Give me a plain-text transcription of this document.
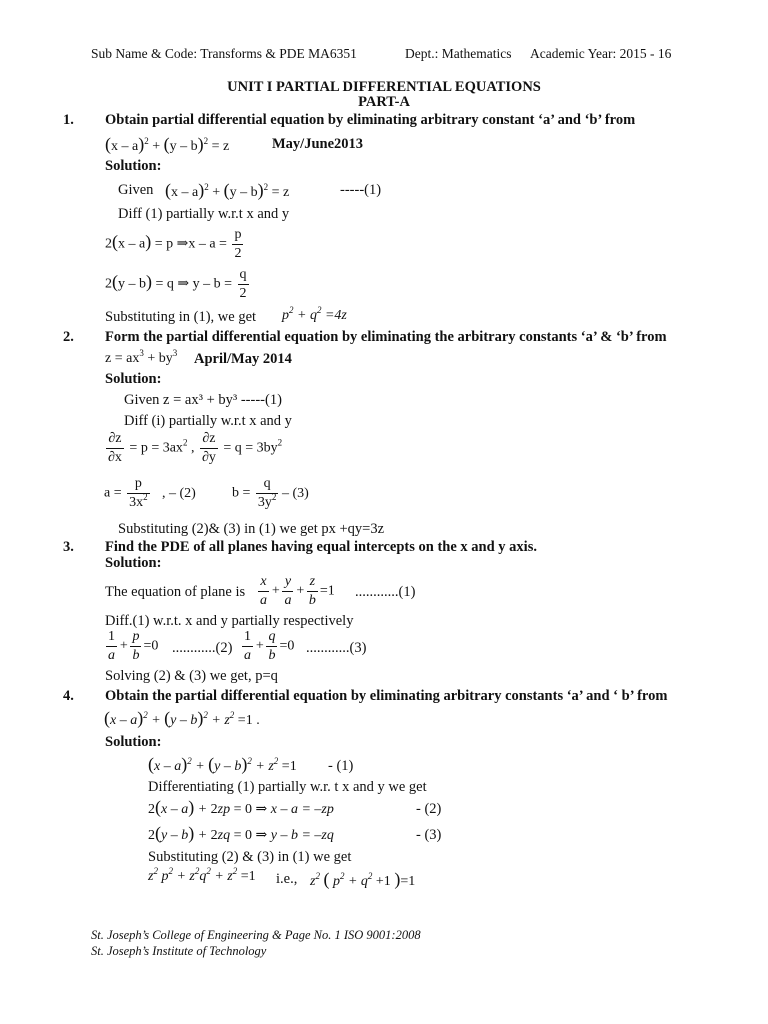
Sub Name & Code: Transforms & PDE MA6351	Dept.: Mathematics Academic Year: 2015 - 16
UNIT I PARTIAL DIFFERENTIAL EQUATIONS
PART-A
1. Obtain partial differential equation by eliminating arbitrary constant ‘a’ and ‘b’ from
(x – a)$^2$ + (y – b)$^2$ = z	May/June2013
Solution:
Given (x – a)$^2$ + (y – b)$^2$ = z	-----(1)
Diff (1) partially w.r.t x and y
2(x – a) = p ⇒x – $a = \frac{p}{2}$
2(y – b) = q ⇒ $y - b = \frac{q}{2}$
Substituting in (1), we get $p^2 + q^2 =4z$
2. Form the partial differential equation by eliminating the arbitrary constants ‘a’ & ‘b’ from
$z = ax^3 + by^3$ April/May 2014
Solution:
Given z = ax³ + by³ -----(1)
Diff (i) partially w.r.t x and y
$\frac{\partial z}{\partial x} = p = 3ax^2$ , $\frac{\partial z}{\partial y} = q = 3by^2$
$a = \frac{p}{3x^2}$ , – (2)	$b = \frac{q}{3y^2} - (3)$
Substituting (2)& (3) in (1) we get px +qy=3z
3. Find the PDE of all planes having equal intercepts on the x and y axis.
Solution:
The equation of plane is $\frac{x}{a} + \frac{y}{a} + \frac{z}{b} =1$ ............(1)
Diff.(1) w.r.t. x and y partially respectively
$\frac{1}{a} + \frac{p}{b} =0$ $............(2) \frac{1}{a} + \frac{q}{b} =0$ ............(3)
Solving (2) & (3) we get, p=q
4. Obtain the partial differential equation by eliminating arbitrary constants ‘a’ and ‘ b’ from
$(x - a)^2 + (y - b)^2 + z^2 =1$ .
Solution:
$(x - a)^2 + (y - b)^2 + z^2 =1 - (1)$
Differentiating (1) partially w.r. t x and y we get
2(x – a) + 2zp = 0 ⇒ x – a = –zp	- (2)
2(y – b) + 2zq = 0 ⇒ y – b = –zq	- (3)
Substituting (2) & (3) in (1) we get
$z^2$ $p^2 + z^2q^2 + z^2 =1$ i.e., $z^2$ ( $p^2 + q^2 +1$ )=1
St. Joseph’s College of Engineering & Page No. 1 ISO 9001:2008
St. Joseph’s Institute of Technology
